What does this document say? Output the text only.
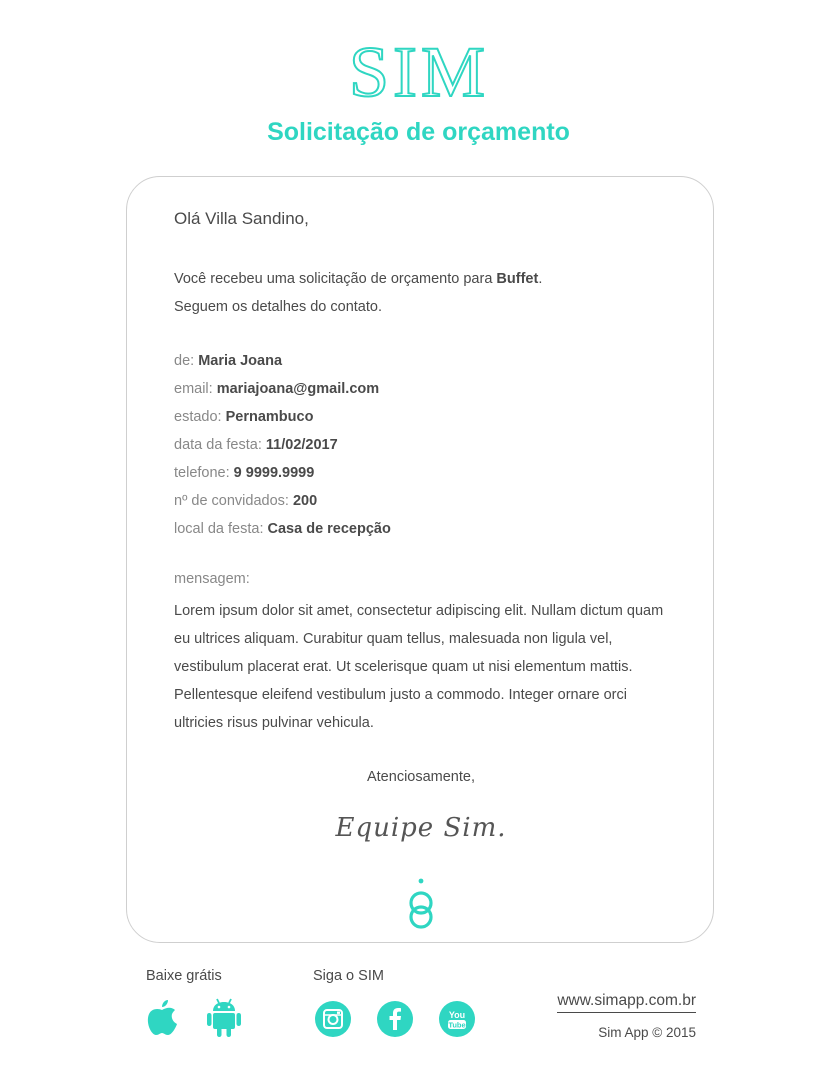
SIM
Solicitação de orçamento
Olá Villa Sandino,
Você recebeu uma solicitação de orçamento para Buffet.
Seguem os detalhes do contato.
de: Maria Joana
email: mariajoana@gmail.com
estado: Pernambuco
data da festa: 11/02/2017
telefone: 9 9999.9999
nº de convidados: 200
local da festa: Casa de recepção
mensagem:
Lorem ipsum dolor sit amet, consectetur adipiscing elit. Nullam dictum quam eu ultrices aliquam. Curabitur quam tellus, malesuada non ligula vel, vestibulum placerat erat. Ut scelerisque quam ut nisi elementum mattis. Pellentesque eleifend vestibulum justo a commodo. Integer ornare orci ultricies risus pulvinar vehicula.
Atenciosamente,
Equipe Sim.
Baixe grátis	Siga o SIM
You
Tube
www.simapp.com.br
Sim App © 2015
